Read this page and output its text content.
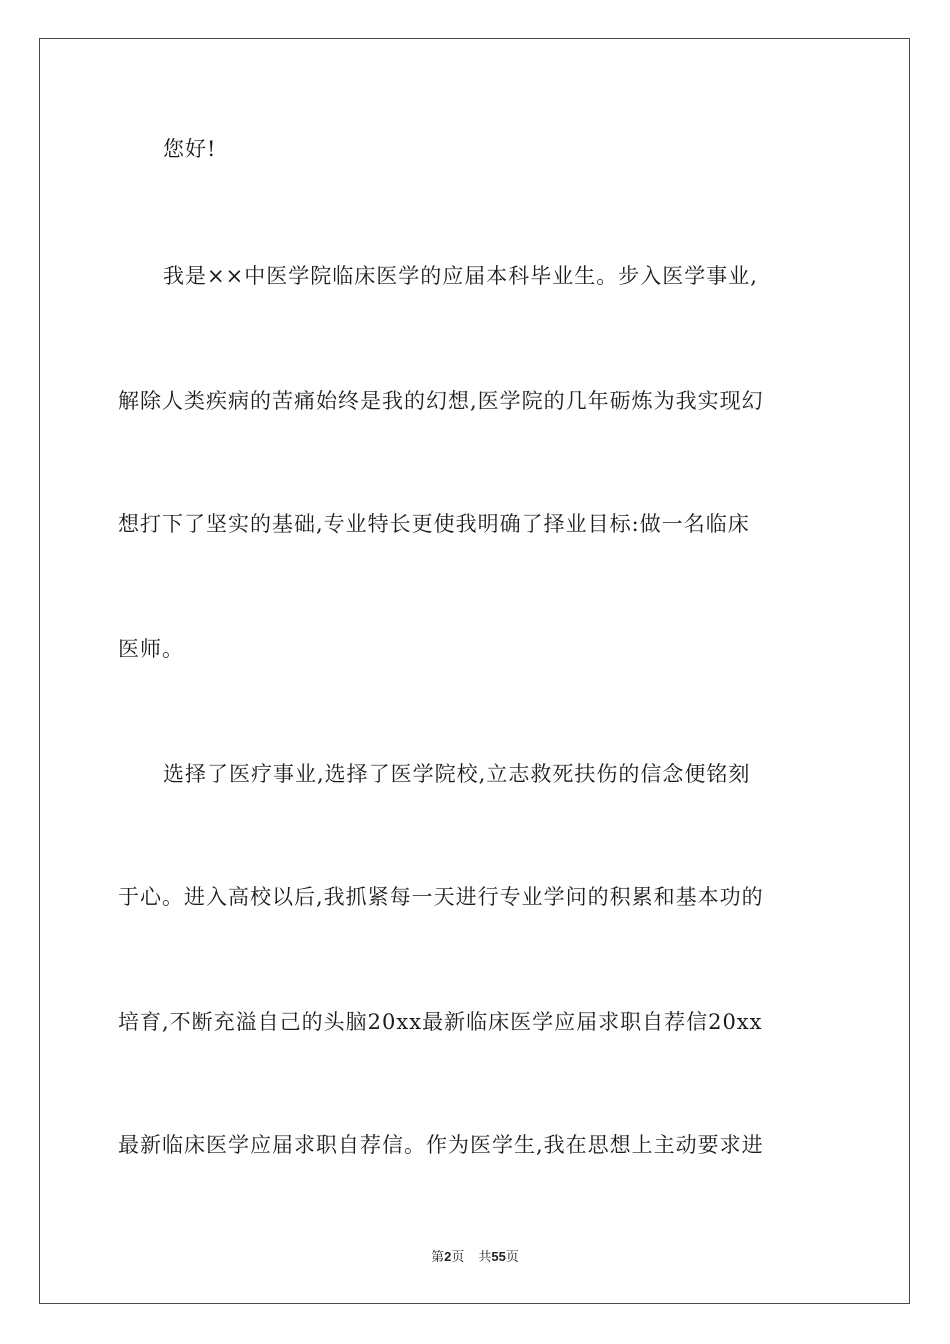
您好!
我是××中医学院临床医学的应届本科毕业生。步入医学事业,
解除人类疾病的苦痛始终是我的幻想,医学院的几年砺炼为我实现幻
想打下了坚实的基础,专业特长更使我明确了择业目标:做一名临床
医师。
选择了医疗事业,选择了医学院校,立志救死扶伤的信念便铭刻
于心。进入高校以后,我抓紧每一天进行专业学问的积累和基本功的
培育,不断充溢自己的头脑20xx最新临床医学应届求职自荐信20xx
最新临床医学应届求职自荐信。作为医学生,我在思想上主动要求进
第2页 共55页
